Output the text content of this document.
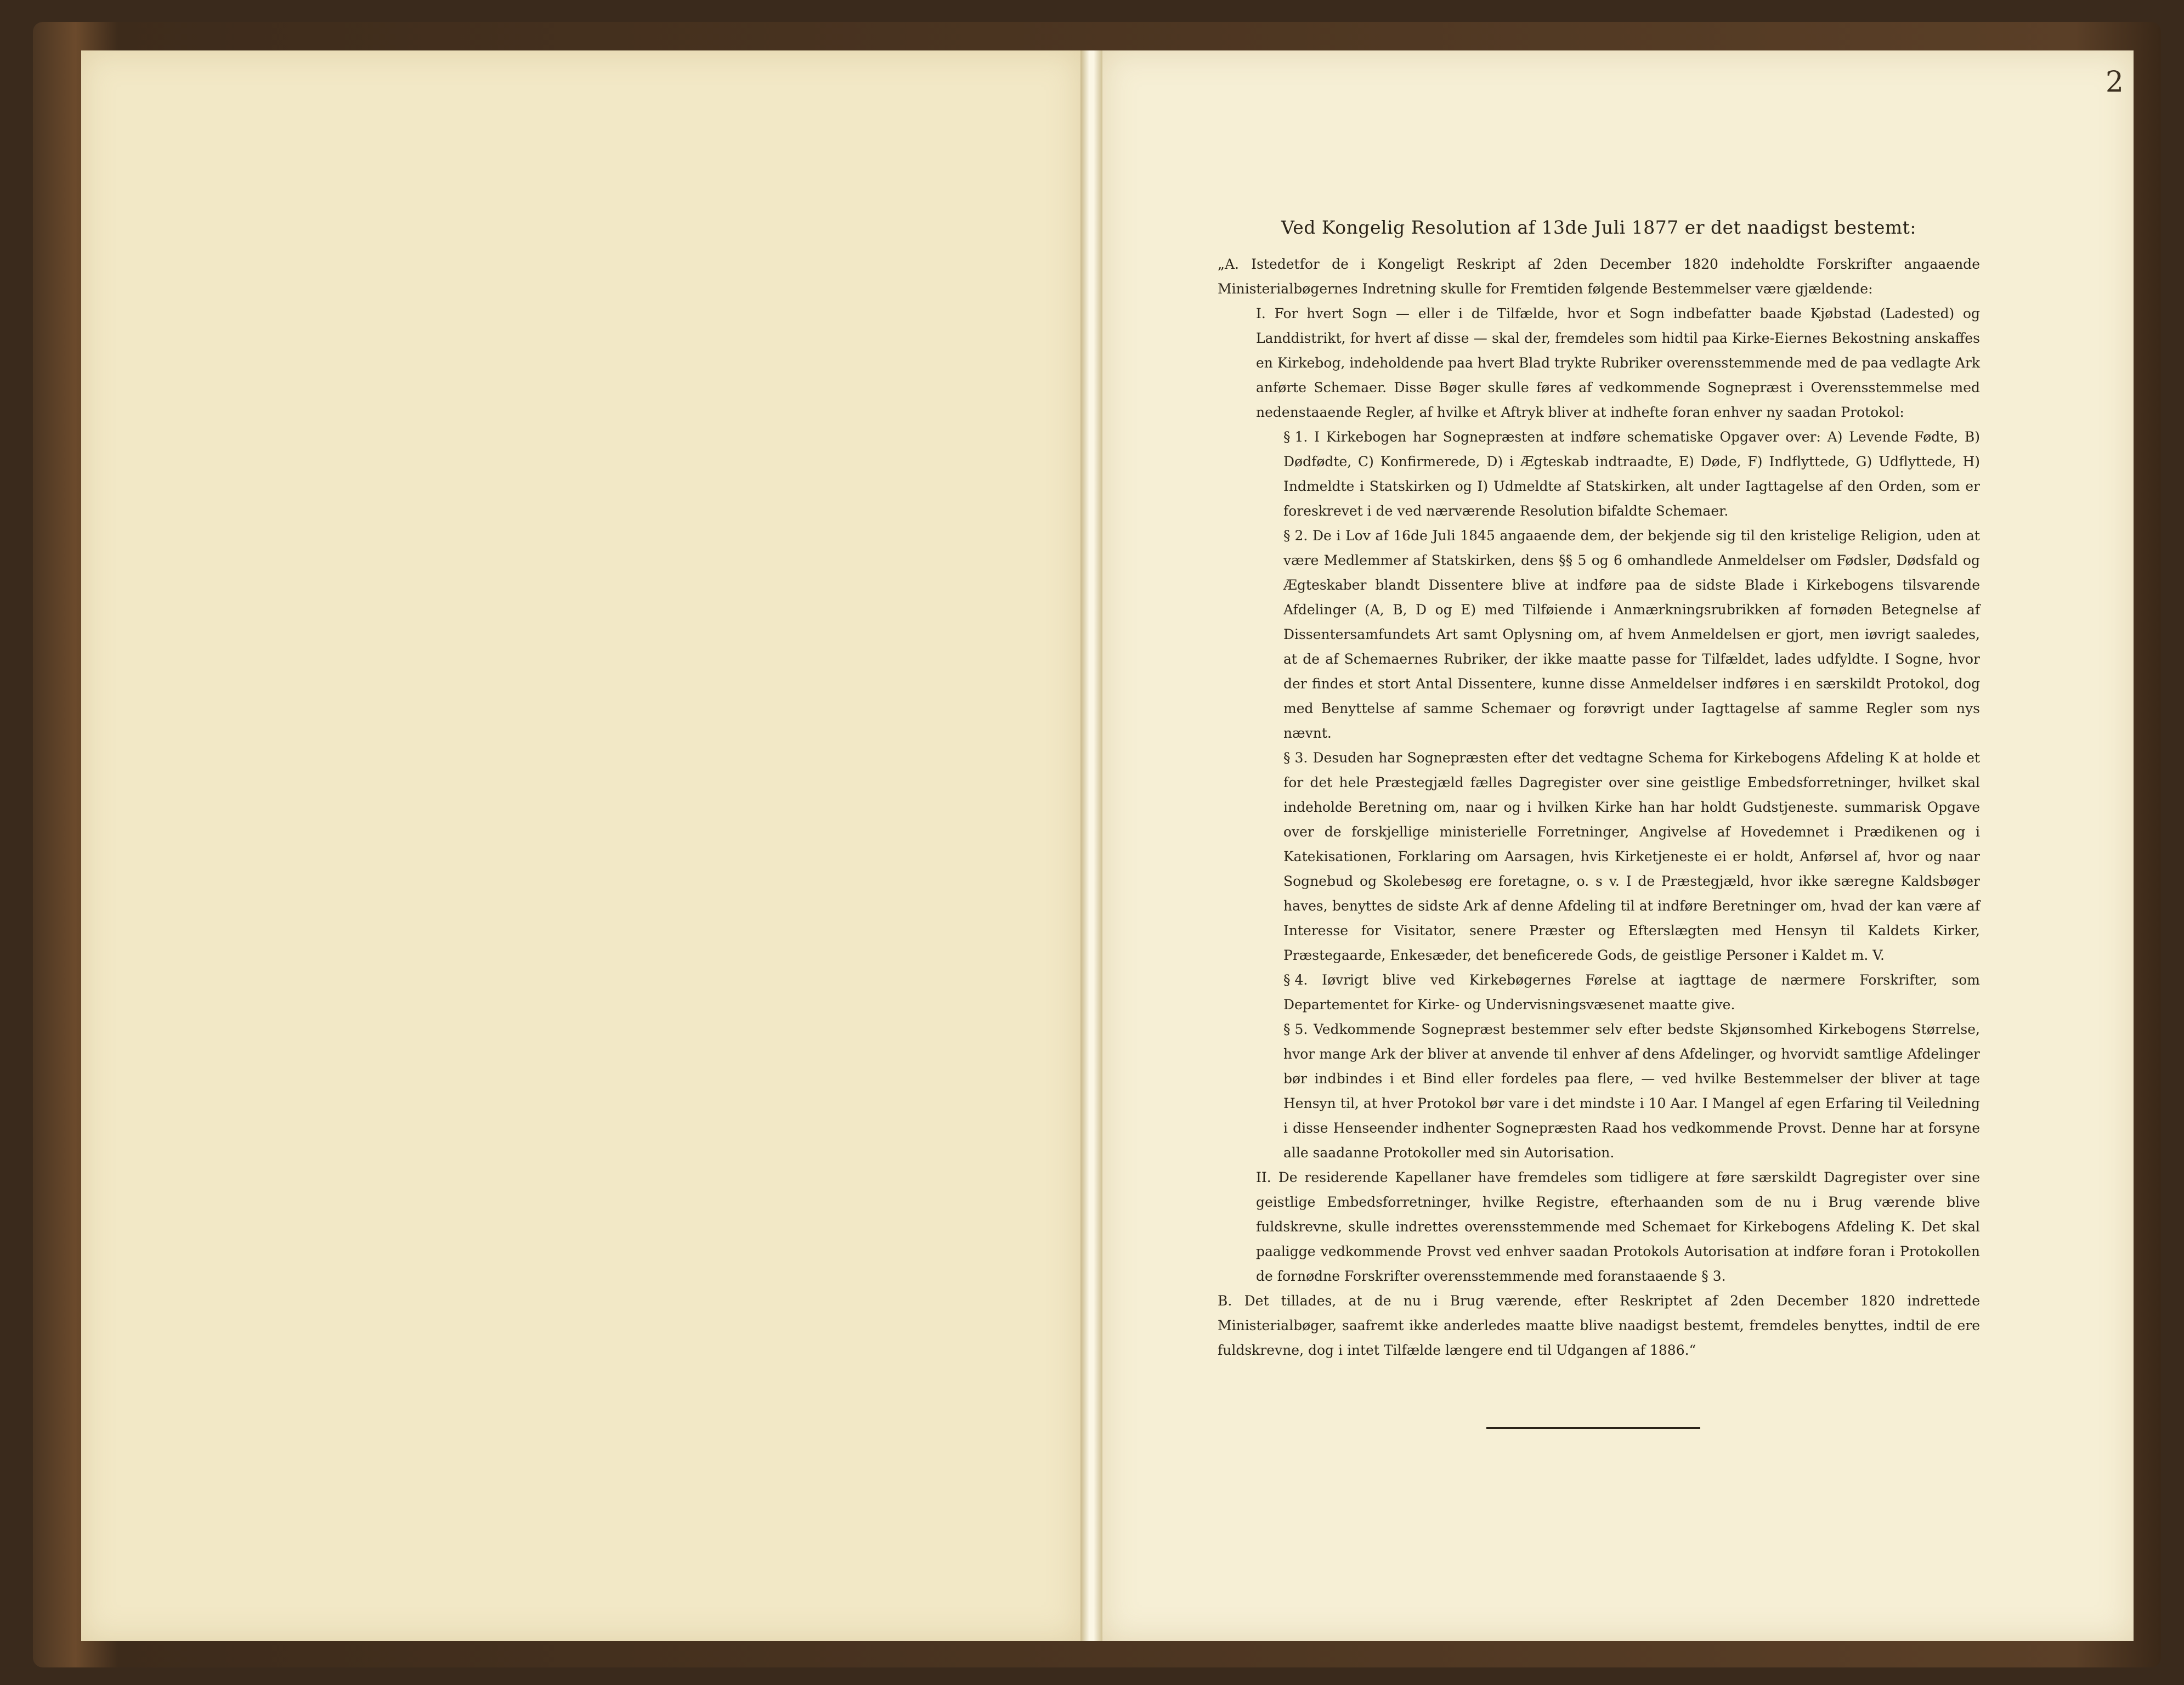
2
Ved Kongelig Resolution af 13de Juli 1877 er det naadigst bestemt:
„A. Istedetfor de i Kongeligt Reskript af 2den December 1820 indeholdte Forskrifter angaaende Ministerialbøgernes Indretning skulle for Fremtiden følgende Bestemmelser være gjældende:
I. For hvert Sogn — eller i de Tilfælde, hvor et Sogn indbefatter baade Kjøbstad (Ladested) og Landdistrikt, for hvert af disse — skal der, fremdeles som hidtil paa Kirke-Eiernes Bekostning anskaffes en Kirkebog, indeholdende paa hvert Blad trykte Rubriker overensstemmende med de paa vedlagte Ark anførte Schemaer. Disse Bøger skulle føres af vedkommende Sognepræst i Overensstemmelse med nedenstaaende Regler, af hvilke et Aftryk bliver at indhefte foran enhver ny saadan Protokol:
§ 1. I Kirkebogen har Sognepræsten at indføre schematiske Opgaver over: A) Levende Fødte, B) Dødfødte, C) Konfirmerede, D) i Ægteskab indtraadte, E) Døde, F) Indflyttede, G) Udflyttede, H) Indmeldte i Statskirken og I) Udmeldte af Statskirken, alt under Iagttagelse af den Orden, som er foreskrevet i de ved nærværende Resolution bifaldte Schemaer.
§ 2. De i Lov af 16de Juli 1845 angaaende dem, der bekjende sig til den kristelige Religion, uden at være Medlemmer af Statskirken, dens §§ 5 og 6 omhandlede Anmeldelser om Fødsler, Dødsfald og Ægteskaber blandt Dissentere blive at indføre paa de sidste Blade i Kirkebogens tilsvarende Afdelinger (A, B, D og E) med Tilføiende i Anmærkningsrubrikken af fornøden Betegnelse af Dissentersamfundets Art samt Oplysning om, af hvem Anmeldelsen er gjort, men iøvrigt saaledes, at de af Schemaernes Rubriker, der ikke maatte passe for Tilfældet, lades udfyldte. I Sogne, hvor der findes et stort Antal Dissentere, kunne disse Anmeldelser indføres i en særskildt Protokol, dog med Benyttelse af samme Schemaer og forøvrigt under Iagttagelse af samme Regler som nys nævnt.
§ 3. Desuden har Sognepræsten efter det vedtagne Schema for Kirkebogens Afdeling K at holde et for det hele Præstegjæld fælles Dagregister over sine geistlige Embedsforretninger, hvilket skal indeholde Beretning om, naar og i hvilken Kirke han har holdt Gudstjeneste. summarisk Opgave over de forskjellige ministerielle Forretninger, Angivelse af Hovedemnet i Prædikenen og i Katekisationen, Forklaring om Aarsagen, hvis Kirketjeneste ei er holdt, Anførsel af, hvor og naar Sognebud og Skolebesøg ere foretagne, o. s v. I de Præstegjæld, hvor ikke særegne Kaldsbøger haves, benyttes de sidste Ark af denne Afdeling til at indføre Beretninger om, hvad der kan være af Interesse for Visitator, senere Præster og Efterslægten med Hensyn til Kaldets Kirker, Præstegaarde, Enkesæder, det beneficerede Gods, de geistlige Personer i Kaldet m. V.
§ 4. Iøvrigt blive ved Kirkebøgernes Førelse at iagttage de nærmere Forskrifter, som Departementet for Kirke- og Undervisningsvæsenet maatte give.
§ 5. Vedkommende Sognepræst bestemmer selv efter bedste Skjønsomhed Kirkebogens Størrelse, hvor mange Ark der bliver at anvende til enhver af dens Afdelinger, og hvorvidt samtlige Afdelinger bør indbindes i et Bind eller fordeles paa flere, — ved hvilke Bestemmelser der bliver at tage Hensyn til, at hver Protokol bør vare i det mindste i 10 Aar. I Mangel af egen Erfaring til Veiledning i disse Henseender indhenter Sognepræsten Raad hos vedkommende Provst. Denne har at forsyne alle saadanne Protokoller med sin Autorisation.
II. De residerende Kapellaner have fremdeles som tidligere at føre særskildt Dagregister over sine geistlige Embedsforretninger, hvilke Registre, efterhaanden som de nu i Brug værende blive fuldskrevne, skulle indrettes overensstemmende med Schemaet for Kirkebogens Afdeling K. Det skal paaligge vedkommende Provst ved enhver saadan Protokols Autorisation at indføre foran i Protokollen de fornødne Forskrifter overensstemmende med foranstaaende § 3.
B. Det tillades, at de nu i Brug værende, efter Reskriptet af 2den December 1820 indrettede Ministerialbøger, saafremt ikke anderledes maatte blive naadigst bestemt, fremdeles benyttes, indtil de ere fuldskrevne, dog i intet Tilfælde længere end til Udgangen af 1886.“
